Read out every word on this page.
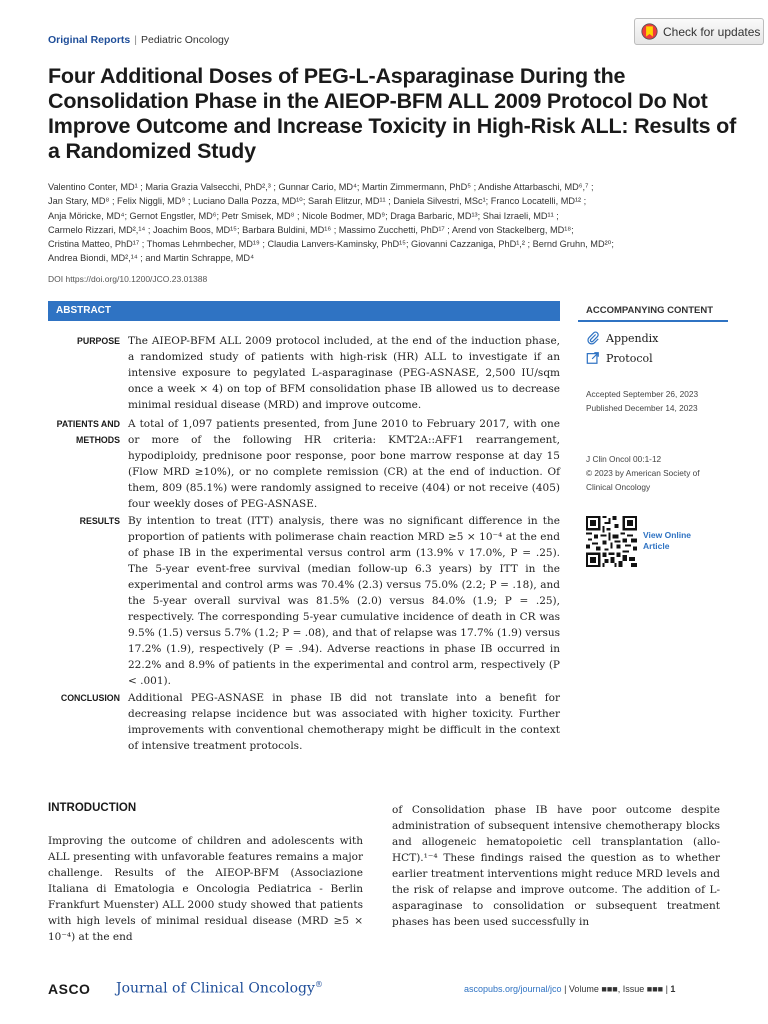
Original Reports | Pediatric Oncology
Check for updates
Four Additional Doses of PEG-L-Asparaginase During the Consolidation Phase in the AIEOP-BFM ALL 2009 Protocol Do Not Improve Outcome and Increase Toxicity in High-Risk ALL: Results of a Randomized Study
Valentino Conter, MD¹ ; Maria Grazia Valsecchi, PhD²,³ ; Gunnar Cario, MD⁴; Martin Zimmermann, PhD⁵ ; Andishe Attarbaschi, MD⁶,⁷ ;
Jan Stary, MD⁸ ; Felix Niggli, MD⁹ ; Luciano Dalla Pozza, MD¹⁰; Sarah Elitzur, MD¹¹ ; Daniela Silvestri, MSc¹; Franco Locatelli, MD¹² ;
Anja Möricke, MD⁴; Gernot Engstler, MD⁶; Petr Smisek, MD⁸ ; Nicole Bodmer, MD⁹; Draga Barbaric, MD¹³; Shai Izraeli, MD¹¹ ;
Carmelo Rizzari, MD²,¹⁴ ; Joachim Boos, MD¹⁵; Barbara Buldini, MD¹⁶ ; Massimo Zucchetti, PhD¹⁷ ; Arend von Stackelberg, MD¹⁸;
Cristina Matteo, PhD¹⁷ ; Thomas Lehrnbecher, MD¹⁹ ; Claudia Lanvers-Kaminsky, PhD¹⁵; Giovanni Cazzaniga, PhD¹,² ; Bernd Gruhn, MD²⁰;
Andrea Biondi, MD²,¹⁴ ; and Martin Schrappe, MD⁴
DOI https://doi.org/10.1200/JCO.23.01388
ABSTRACT
PURPOSE The AIEOP-BFM ALL 2009 protocol included, at the end of the induction phase, a randomized study of patients with high-risk (HR) ALL to investigate if an intensive exposure to pegylated L-asparaginase (PEG-ASNASE, 2,500 IU/sqm once a week × 4) on top of BFM consolidation phase IB allowed us to decrease minimal residual disease (MRD) and improve outcome.
PATIENTS AND
METHODS
A total of 1,097 patients presented, from June 2010 to February 2017, with one or more of the following HR criteria: KMT2A::AFF1 rearrangement, hypodiploidy, prednisone poor response, poor bone marrow response at day 15 (Flow MRD ≥10%), or no complete remission (CR) at the end of induction. Of them, 809 (85.1%) were randomly assigned to receive (404) or not receive (405) four weekly doses of PEG-ASNASE.
RESULTS By intention to treat (ITT) analysis, there was no significant difference in the proportion of patients with polimerase chain reaction MRD ≥5 × 10⁻⁴ at the end of phase IB in the experimental versus control arm (13.9% v 17.0%, P = .25). The 5-year event-free survival (median follow-up 6.3 years) by ITT in the experimental and control arms was 70.4% (2.3) versus 75.0% (2.2; P = .18), and the 5-year overall survival was 81.5% (2.0) versus 84.0% (1.9; P = .25), respectively. The corresponding 5-year cumulative incidence of death in CR was 9.5% (1.5) versus 5.7% (1.2; P = .08), and that of relapse was 17.7% (1.9) versus 17.2% (1.9), respectively (P = .94). Adverse reactions in phase IB occurred in 22.2% and 8.9% of patients in the experimental and control arm, respectively (P < .001).
CONCLUSION Additional PEG-ASNASE in phase IB did not translate into a benefit for decreasing relapse incidence but was associated with higher toxicity. Further improvements with conventional chemotherapy might be difficult in the context of intensive treatment protocols.
ACCOMPANYING CONTENT
Appendix
Protocol
Accepted September 26, 2023
Published December 14, 2023
J Clin Oncol 00:1-12
© 2023 by American Society of
Clinical Oncology
View Online
Article
INTRODUCTION
Improving the outcome of children and adolescents with ALL presenting with unfavorable features remains a major challenge. Results of the AIEOP-BFM (Associazione Italiana di Ematologia e Oncologia Pediatrica - Berlin Frankfurt Muenster) ALL 2000 study showed that patients with high levels of minimal residual disease (MRD ≥5 × 10⁻⁴) at the end
of Consolidation phase IB have poor outcome despite administration of subsequent intensive chemotherapy blocks and allogeneic hematopoietic cell transplantation (allo-HCT).¹⁻⁴ These findings raised the question as to whether earlier treatment interventions might reduce MRD levels and the risk of relapse and improve outcome. The addition of L-asparaginase to consolidation or subsequent treatment phases has been used successfully in
ASCO Journal of Clinical Oncology®	ascopubs.org/journal/jco | Volume ■■■, Issue ■■■ | 1
